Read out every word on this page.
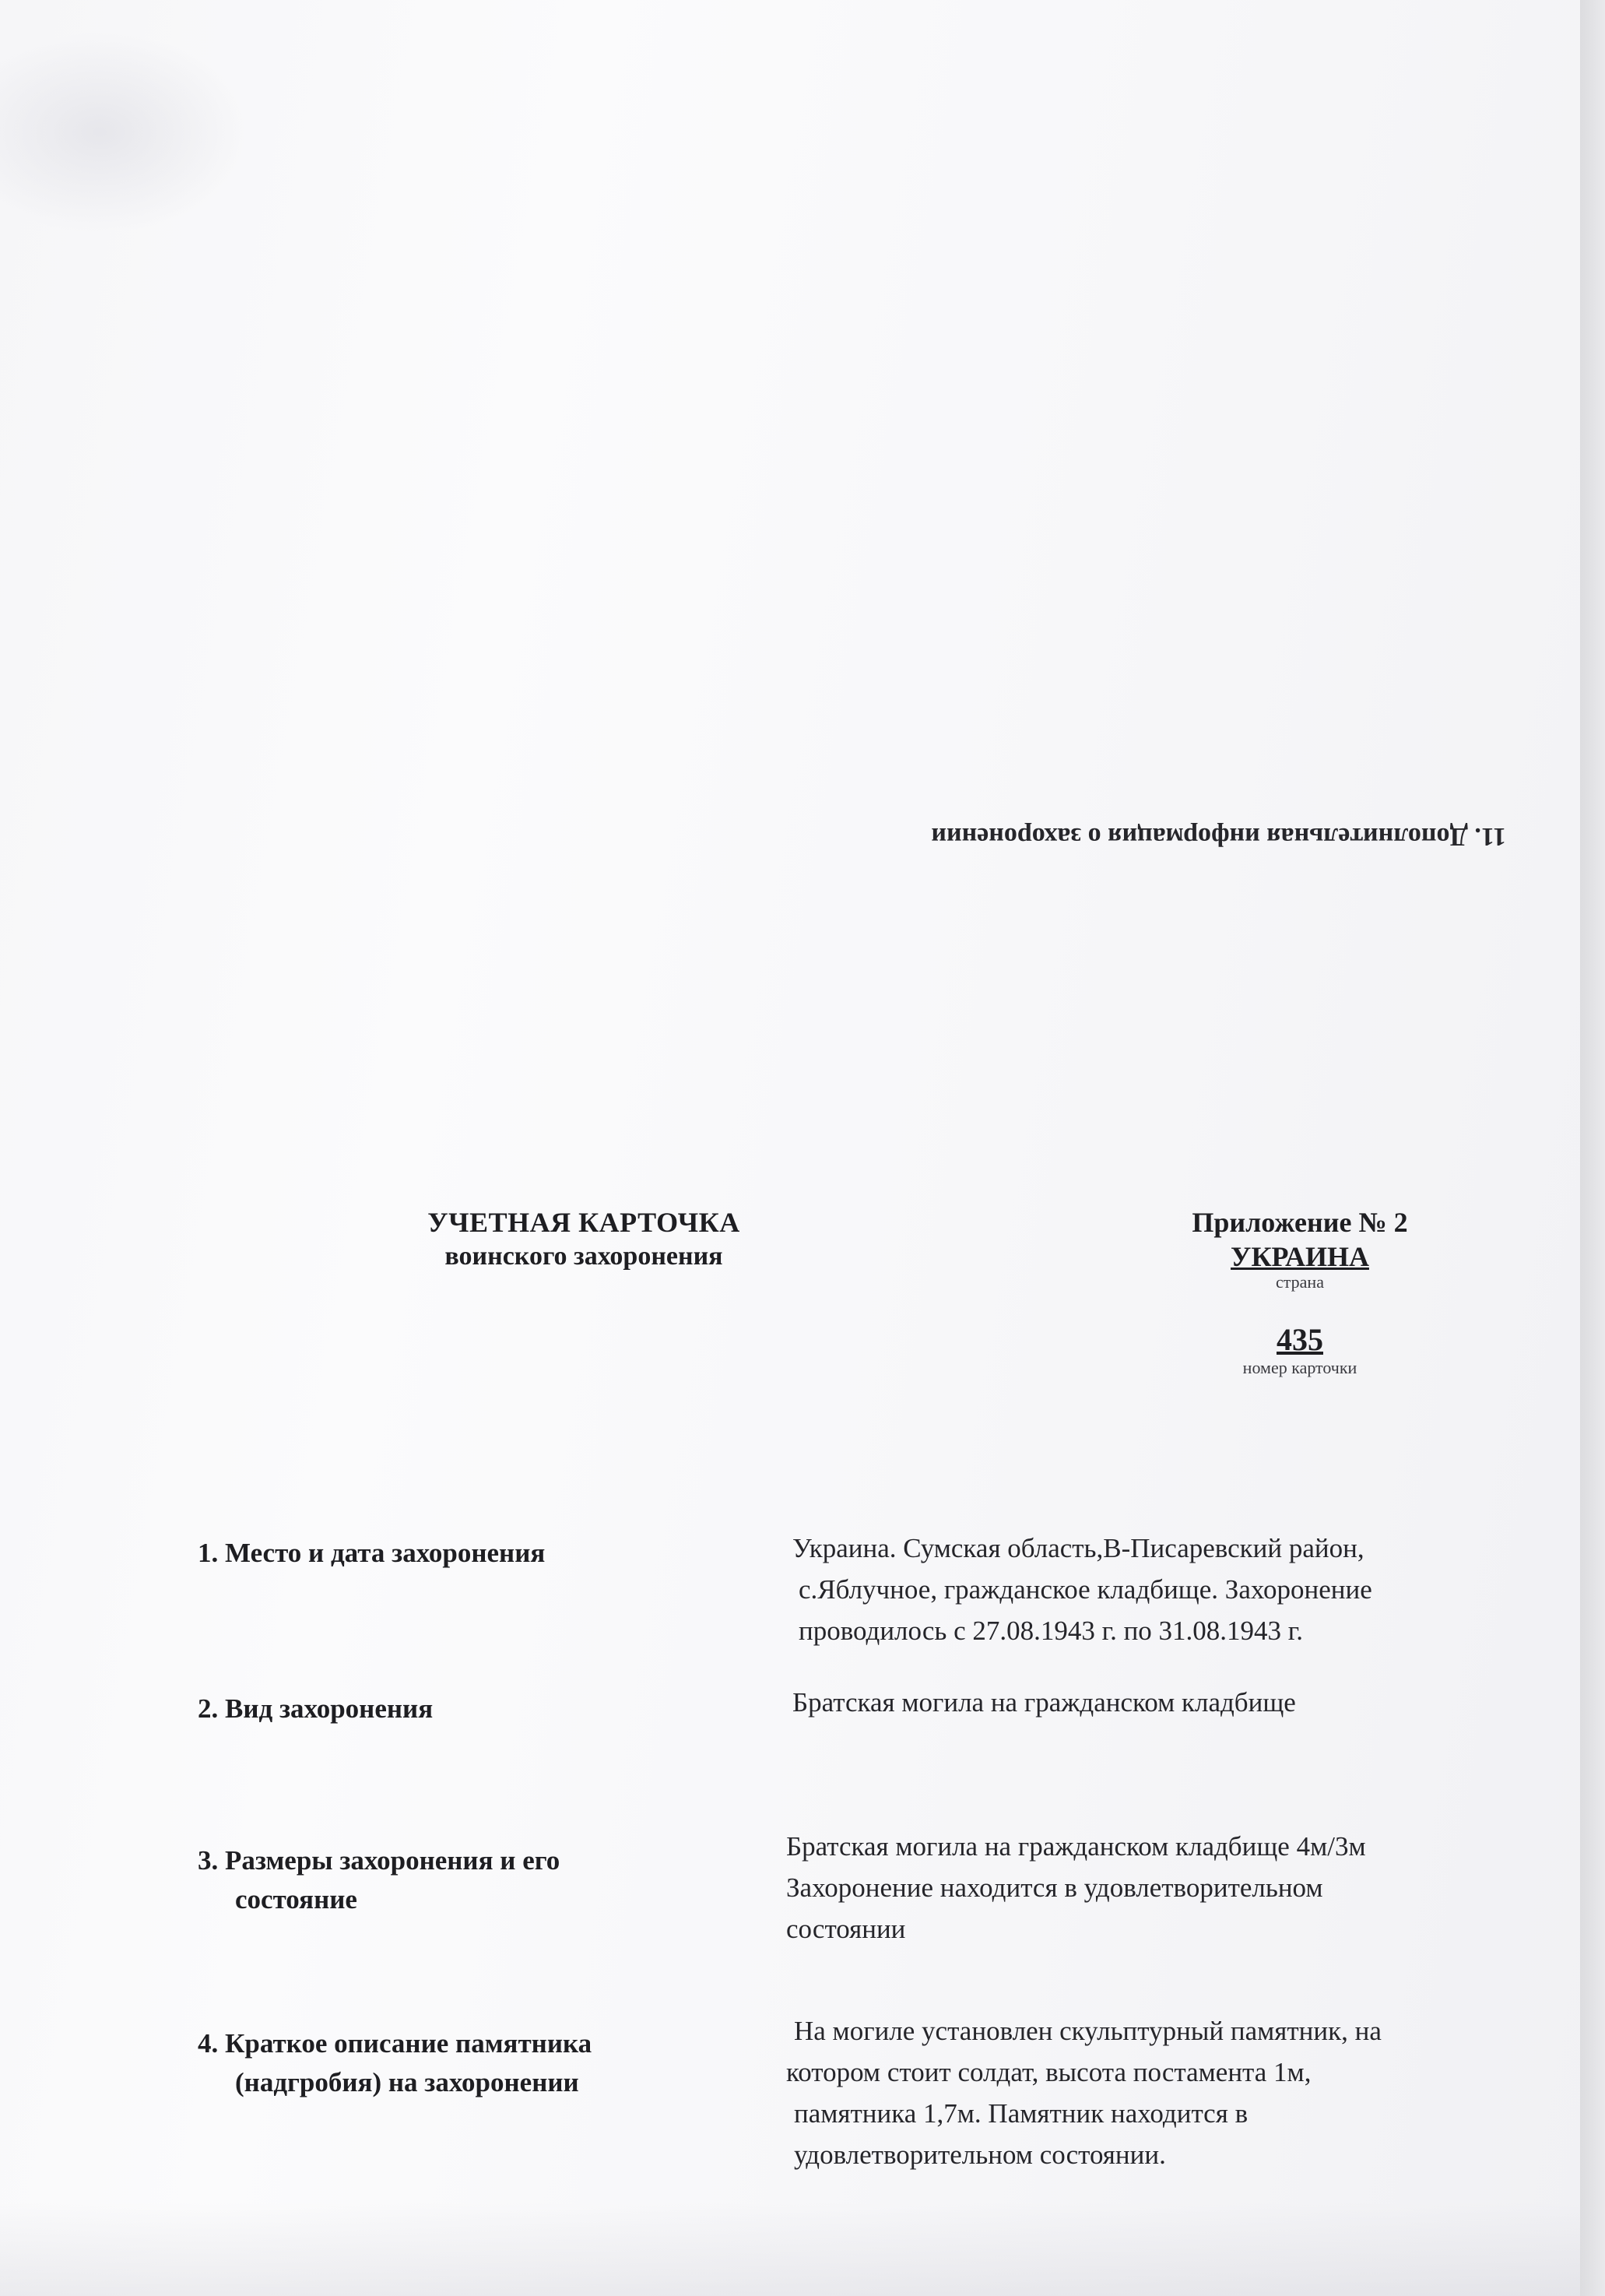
11. Дополнительная информация о захоронении
УЧЕТНАЯ КАРТОЧКА
воинского захоронения
Приложение № 2
УКРАИНА
страна
435
номер карточки
1. Место и дата захоронения	Украина. Сумская область,В-Писаревский район,
с.Яблучное, гражданское кладбище. Захоронение
проводилось с 27.08.1943 г. по 31.08.1943 г.
2. Вид захоронения	Братская могила на гражданском кладбище
3. Размеры захоронения и его
состояние
Братская могила на гражданском кладбище 4м/3м
Захоронение находится в удовлетворительном
состоянии
4. Краткое описание памятника
(надгробия) на захоронении
На могиле установлен скульптурный памятник, на
котором стоит солдат, высота постамента 1м,
памятника 1,7м. Памятник находится в
удовлетворительном состоянии.
